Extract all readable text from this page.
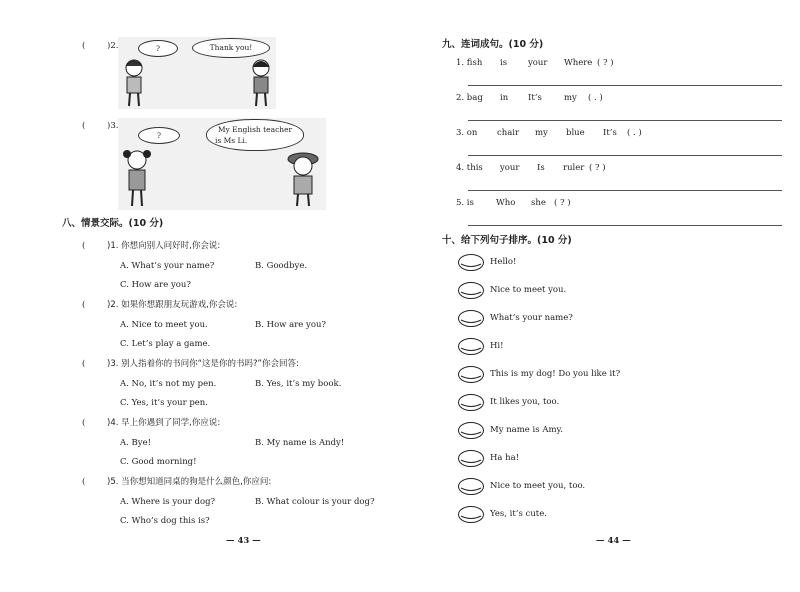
(	)2.	?	Thank you!
(	)3.
?
My English teacher
is Ms Li.
八、情景交际。(10 分)
(	)1. 你想向别人问好时,你会说:
A. What’s your name?	B. Goodbye.
C. How are you?
(	)2. 如果你想跟朋友玩游戏,你会说:
A. Nice to meet you.	B. How are you?
C. Let’s play a game.
(	)3. 别人指着你的书问你“这是你的书吗?”你会回答:
A. No, it’s not my pen.	B. Yes, it’s my book.
C. Yes, it’s your pen.
(	)4. 早上你遇到了同学,你应说:
A. Bye!	B. My name is Andy!
C. Good morning!
(	)5. 当你想知道同桌的狗是什么颜色,你应问:
A. Where is your dog?	B. What colour is your dog?
C. Who’s dog this is?
— 43 —
九、连词成句。(10 分)
1. fish is your Where ( ? )
2. bag in It’s	my ( . )
3. on chair my blue It’s ( . )
4. this your Is ruler ( ? )
5. is	Who she ( ? )
十、给下列句子排序。(10 分)
Hello!
Nice to meet you.
What’s your name?
Hi!
This is my dog! Do you like it?
It likes you, too.
My name is Amy.
Ha ha!
Nice to meet you, too.
Yes, it’s cute.
— 44 —
